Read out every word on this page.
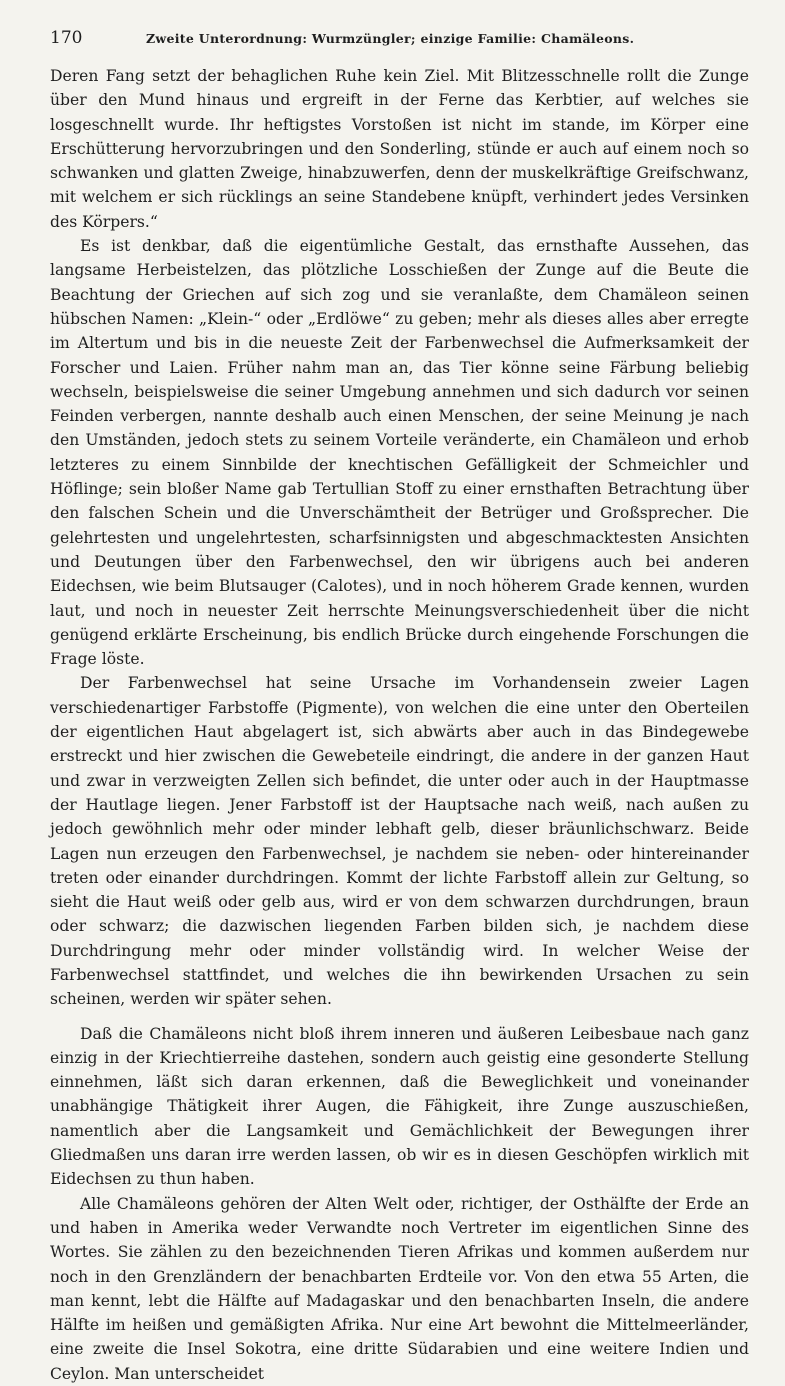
170	Zweite Unterordnung: Wurmzüngler; einzige Familie: Chamäleons.

Deren Fang setzt der behaglichen Ruhe kein Ziel. Mit Blitzesschnelle rollt die Zunge über den Mund hinaus und ergreift in der Ferne das Kerbtier, auf welches sie losgeschnellt wurde. Ihr heftigstes Vorstoßen ist nicht im stande, im Körper eine Erschütterung hervorzubringen und den Sonderling, stünde er auch auf einem noch so schwanken und glatten Zweige, hinabzuwerfen, denn der muskelkräftige Greifschwanz, mit welchem er sich rücklings an seine Standebene knüpft, verhindert jedes Versinken des Körpers.“

Es ist denkbar, daß die eigentümliche Gestalt, das ernsthafte Aussehen, das langsame Herbeistelzen, das plötzliche Losschießen der Zunge auf die Beute die Beachtung der Griechen auf sich zog und sie veranlaßte, dem Chamäleon seinen hübschen Namen: „Klein-“ oder „Erdlöwe“ zu geben; mehr als dieses alles aber erregte im Altertum und bis in die neueste Zeit der Farbenwechsel die Aufmerksamkeit der Forscher und Laien. Früher nahm man an, das Tier könne seine Färbung beliebig wechseln, beispielsweise die seiner Umgebung annehmen und sich dadurch vor seinen Feinden verbergen, nannte deshalb auch einen Menschen, der seine Meinung je nach den Umständen, jedoch stets zu seinem Vorteile veränderte, ein Chamäleon und erhob letzteres zu einem Sinnbilde der knechtischen Gefälligkeit der Schmeichler und Höflinge; sein bloßer Name gab Tertullian Stoff zu einer ernsthaften Betrachtung über den falschen Schein und die Unverschämtheit der Betrüger und Großsprecher. Die gelehrtesten und ungelehrtesten, scharfsinnigsten und abgeschmacktesten Ansichten und Deutungen über den Farbenwechsel, den wir übrigens auch bei anderen Eidechsen, wie beim Blutsauger (Calotes), und in noch höherem Grade kennen, wurden laut, und noch in neuester Zeit herrschte Meinungsverschiedenheit über die nicht genügend erklärte Erscheinung, bis endlich Brücke durch eingehende Forschungen die Frage löste.

Der Farbenwechsel hat seine Ursache im Vorhandensein zweier Lagen verschiedenartiger Farbstoffe (Pigmente), von welchen die eine unter den Oberteilen der eigentlichen Haut abgelagert ist, sich abwärts aber auch in das Bindegewebe erstreckt und hier zwischen die Gewebeteile eindringt, die andere in der ganzen Haut und zwar in verzweigten Zellen sich befindet, die unter oder auch in der Hauptmasse der Hautlage liegen. Jener Farbstoff ist der Hauptsache nach weiß, nach außen zu jedoch gewöhnlich mehr oder minder lebhaft gelb, dieser bräunlichschwarz. Beide Lagen nun erzeugen den Farbenwechsel, je nachdem sie neben- oder hintereinander treten oder einander durchdringen. Kommt der lichte Farbstoff allein zur Geltung, so sieht die Haut weiß oder gelb aus, wird er von dem schwarzen durchdrungen, braun oder schwarz; die dazwischen liegenden Farben bilden sich, je nachdem diese Durchdringung mehr oder minder vollständig wird. In welcher Weise der Farbenwechsel stattfindet, und welches die ihn bewirkenden Ursachen zu sein scheinen, werden wir später sehen.

Daß die Chamäleons nicht bloß ihrem inneren und äußeren Leibesbaue nach ganz einzig in der Kriechtierreihe dastehen, sondern auch geistig eine gesonderte Stellung einnehmen, läßt sich daran erkennen, daß die Beweglichkeit und voneinander unabhängige Thätigkeit ihrer Augen, die Fähigkeit, ihre Zunge auszuschießen, namentlich aber die Langsamkeit und Gemächlichkeit der Bewegungen ihrer Gliedmaßen uns daran irre werden lassen, ob wir es in diesen Geschöpfen wirklich mit Eidechsen zu thun haben.

Alle Chamäleons gehören der Alten Welt oder, richtiger, der Osthälfte der Erde an und haben in Amerika weder Verwandte noch Vertreter im eigentlichen Sinne des Wortes. Sie zählen zu den bezeichnenden Tieren Afrikas und kommen außerdem nur noch in den Grenzländern der benachbarten Erdteile vor. Von den etwa 55 Arten, die man kennt, lebt die Hälfte auf Madagaskar und den benachbarten Inseln, die andere Hälfte im heißen und gemäßigten Afrika. Nur eine Art bewohnt die Mittelmeerländer, eine zweite die Insel Sokotra, eine dritte Südarabien und eine weitere Indien und Ceylon. Man unterscheidet
